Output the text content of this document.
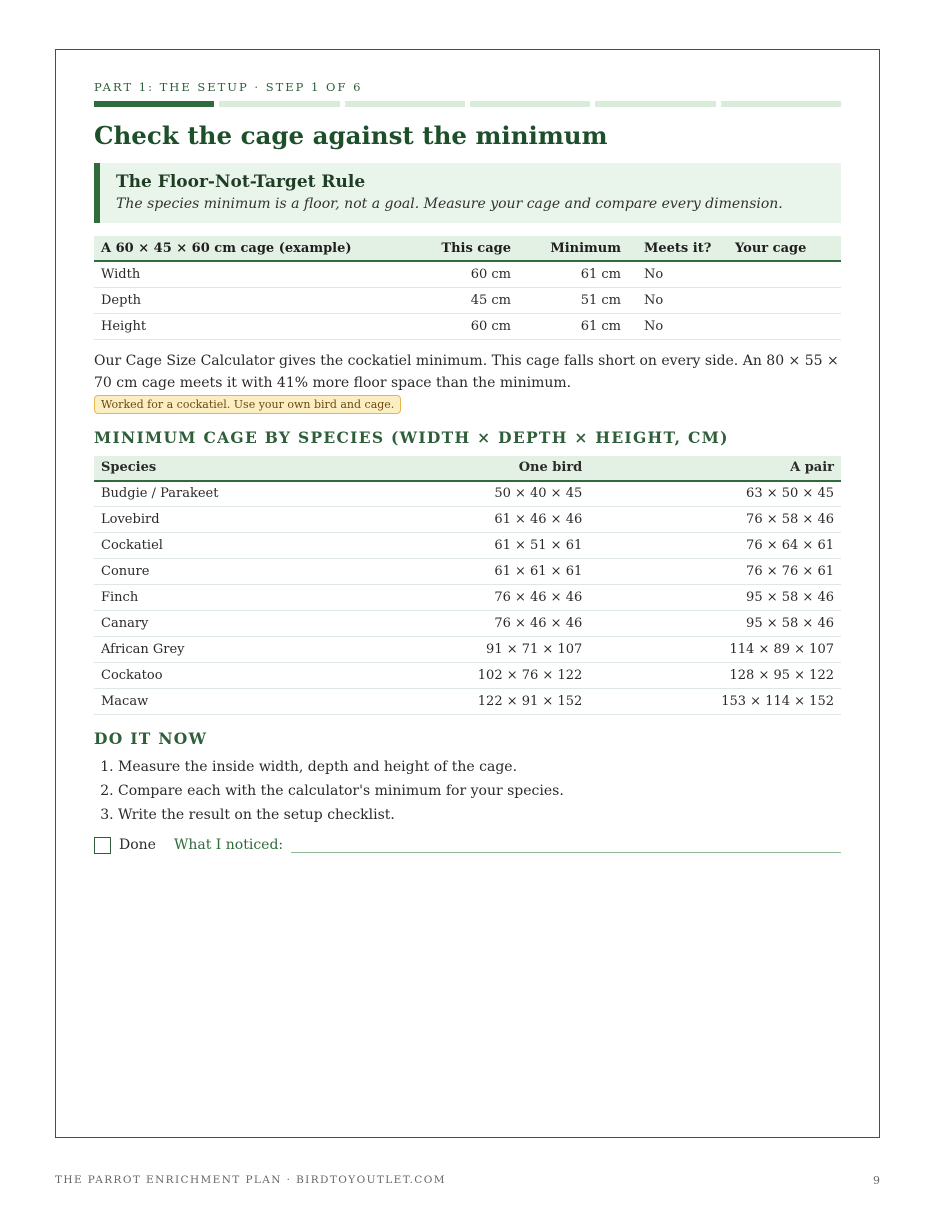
PART 1: THE SETUP · STEP 1 OF 6
Check the cage against the minimum
The Floor-Not-Target Rule
The species minimum is a floor, not a goal. Measure your cage and compare every dimension.
A 60 × 45 × 60 cm cage (example)	This cage	Minimum	Meets it?	Your cage
Width	60 cm	61 cm	No	
Depth	45 cm	51 cm	No	
Height	60 cm	61 cm	No	

Our Cage Size Calculator gives the cockatiel minimum. This cage falls short on every side. An 80 × 55 × 70 cm cage meets it with 41% more floor space than the minimum. Worked for a cockatiel. Use your own bird and cage.

MINIMUM CAGE BY SPECIES (WIDTH × DEPTH × HEIGHT, CM)
Species	One bird	A pair
Budgie / Parakeet	50 × 40 × 45	63 × 50 × 45
Lovebird	61 × 46 × 46	76 × 58 × 46
Cockatiel	61 × 51 × 61	76 × 64 × 61
Conure	61 × 61 × 61	76 × 76 × 61
Finch	76 × 46 × 46	95 × 58 × 46
Canary	76 × 46 × 46	95 × 58 × 46
African Grey	91 × 71 × 107	114 × 89 × 107
Cockatoo	102 × 76 × 122	128 × 95 × 122
Macaw	122 × 91 × 152	153 × 114 × 152
DO IT NOW
1. Measure the inside width, depth and height of the cage.
2. Compare each with the calculator's minimum for your species.
3. Write the result on the setup checklist.
Done What I noticed:
THE PARROT ENRICHMENT PLAN · BIRDTOYOUTLET.COM	9
